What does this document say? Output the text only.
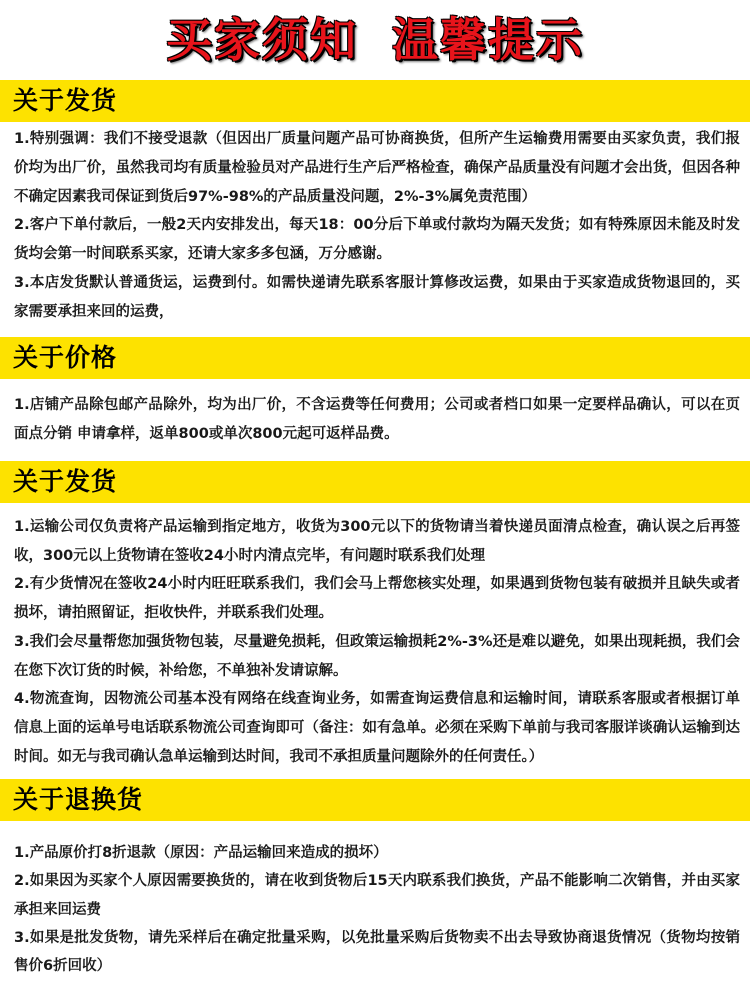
买家须知 温馨提示
关于发货

1.特别强调：我们不接受退款（但因出厂质量问题产品可协商换货，但所产生运输费用需要由买家负责，我们报价均为出厂价，虽然我司均有质量检验员对产品进行生产后严格检查，确保产品质量没有问题才会出货，但因各种不确定因素我司保证到货后97%-98%的产品质量没问题，2%-3%属免责范围）

2.客户下单付款后，一般2天内安排发出，每天18：00分后下单或付款均为隔天发货；如有特殊原因未能及时发货均会第一时间联系买家，还请大家多多包涵，万分感谢。

3.本店发货默认普通货运，运费到付。如需快递请先联系客服计算修改运费，如果由于买家造成货物退回的，买家需要承担来回的运费，

关于价格

1.店铺产品除包邮产品除外，均为出厂价，不含运费等任何费用；公司或者档口如果一定要样品确认，可以在页面点分销 申请拿样，返单800或单次800元起可返样品费。

关于发货

1.运输公司仅负责将产品运输到指定地方，收货为300元以下的货物请当着快递员面清点检查，确认误之后再签收，300元以上货物请在签收24小时内清点完毕，有问题时联系我们处理

2.有少货情况在签收24小时内旺旺联系我们，我们会马上帮您核实处理，如果遇到货物包装有破损并且缺失或者损坏，请拍照留证，拒收快件，并联系我们处理。

3.我们会尽量帮您加强货物包装，尽量避免损耗，但政策运输损耗2%-3%还是难以避免，如果出现耗损，我们会在您下次订货的时候，补给您，不单独补发请谅解。

4.物流查询，因物流公司基本没有网络在线查询业务，如需查询运费信息和运输时间，请联系客服或者根据订单信息上面的运单号电话联系物流公司查询即可（备注：如有急单。必须在采购下单前与我司客服详谈确认运输到达时间。如无与我司确认急单运输到达时间，我司不承担质量问题除外的任何责任。）

关于退换货

1.产品原价打8折退款（原因：产品运输回来造成的损坏）

2.如果因为买家个人原因需要换货的，请在收到货物后15天内联系我们换货，产品不能影响二次销售，并由买家承担来回运费

3.如果是批发货物，请先采样后在确定批量采购，以免批量采购后货物卖不出去导致协商退货情况（货物均按销售价6折回收）
